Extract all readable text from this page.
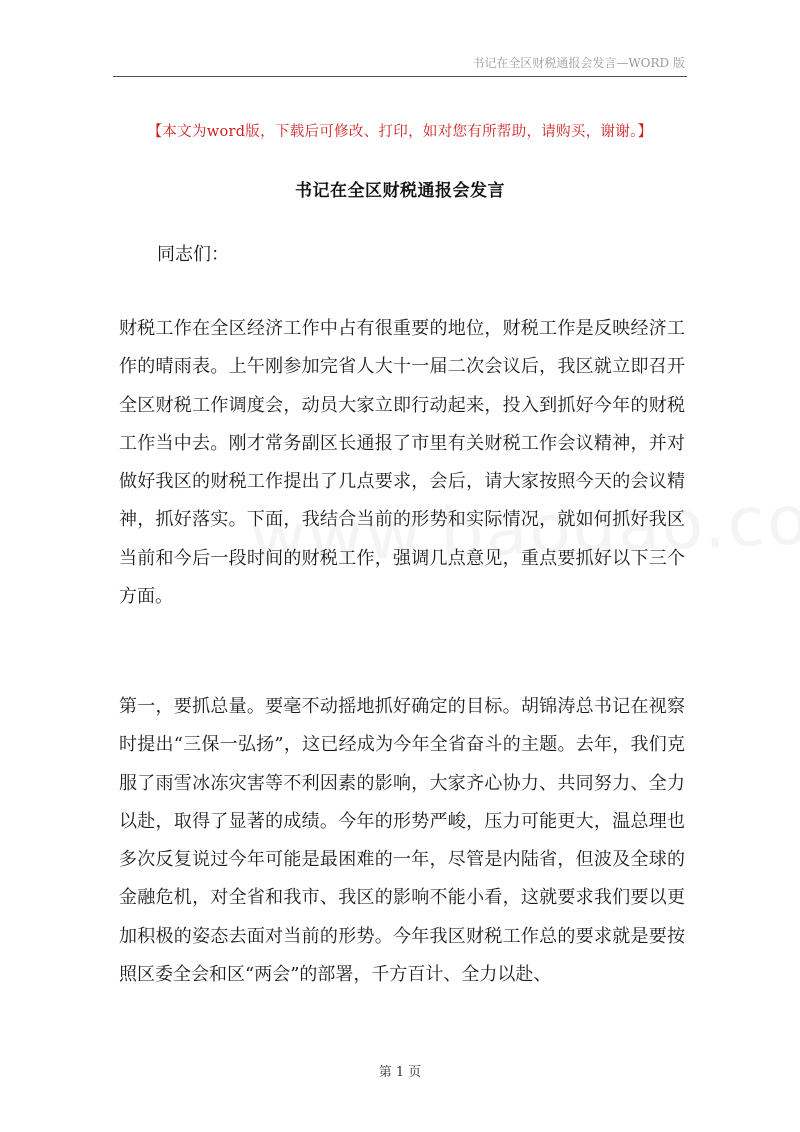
书记在全区财税通报会发言—WORD 版
【本文为word版，下载后可修改、打印，如对您有所帮助，请购买，谢谢。】
书记在全区财税通报会发言
同志们：

财税工作在全区经济工作中占有很重要的地位，财税工作是反映经济工作的晴雨表。上午刚参加完省人大十一届二次会议后，我区就立即召开全区财税工作调度会，动员大家立即行动起来，投入到抓好今年的财税工作当中去。刚才常务副区长通报了市里有关财税工作会议精神，并对做好我区的财税工作提出了几点要求，会后，请大家按照今天的会议精神，抓好落实。下面，我结合当前的形势和实际情况，就如何抓好我区当前和今后一段时间的财税工作，强调几点意见，重点要抓好以下三个方面。

第一，要抓总量。要毫不动摇地抓好确定的目标。胡锦涛总书记在视察时提出“三保一弘扬”，这已经成为今年全省奋斗的主题。去年，我们克服了雨雪冰冻灾害等不利因素的影响，大家齐心协力、共同努力、全力以赴，取得了显著的成绩。今年的形势严峻，压力可能更大，温总理也多次反复说过今年可能是最困难的一年，尽管是内陆省，但波及全球的金融危机，对全省和我市、我区的影响不能小看，这就要求我们要以更加积极的姿态去面对当前的形势。今年我区财税工作总的要求就是要按照区委全会和区“两会”的部署，千方百计、全力以赴、

第 1 页
